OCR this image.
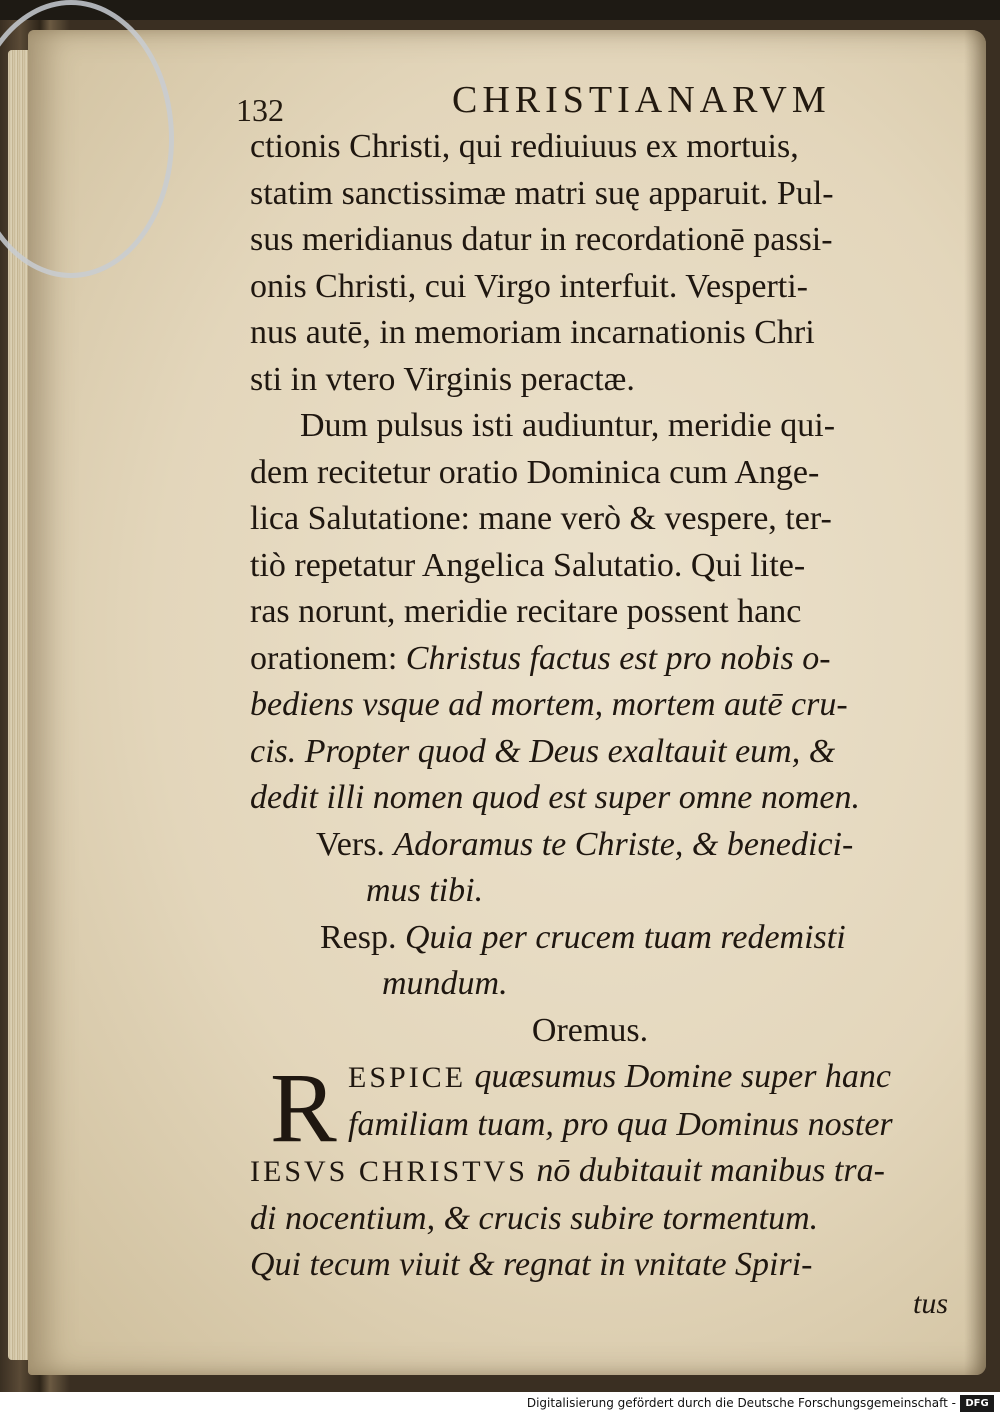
132	CHRISTIANARVM
ctionis Christi, qui rediuiuus ex mortuis,
statim sanctissimæ matri suę apparuit. Pul-
sus meridianus datur in recordationē passi-
onis Christi, cui Virgo interfuit. Vesperti-
nus autē, in memoriam incarnationis Chri
sti in vtero Virginis peractæ.
Dum pulsus isti audiuntur, meridie qui-
dem recitetur oratio Dominica cum Ange-
lica Salutatione: mane verò & vespere, ter-
tiò repetatur Angelica Salutatio. Qui lite-
ras norunt, meridie recitare possent hanc
orationem: Christus factus est pro nobis o-
bediens vsque ad mortem, mortem autē cru-
cis. Propter quod & Deus exaltauit eum, &
dedit illi nomen quod est super omne nomen.
Vers. Adoramus te Christe, & benedici-
mus tibi.
Resp. Quia per crucem tuam redemisti
mundum.
Oremus.
R ESPICE quæsumus Domine super hanc
familiam tuam, pro qua Dominus noster
IESVS CHRISTVS nō dubitauit manibus tra-
di nocentium, & crucis subire tormentum.
Qui tecum viuit & regnat in vnitate Spiri-
tus
Digitalisierung gefördert durch die Deutsche Forschungsgemeinschaft - DFG
